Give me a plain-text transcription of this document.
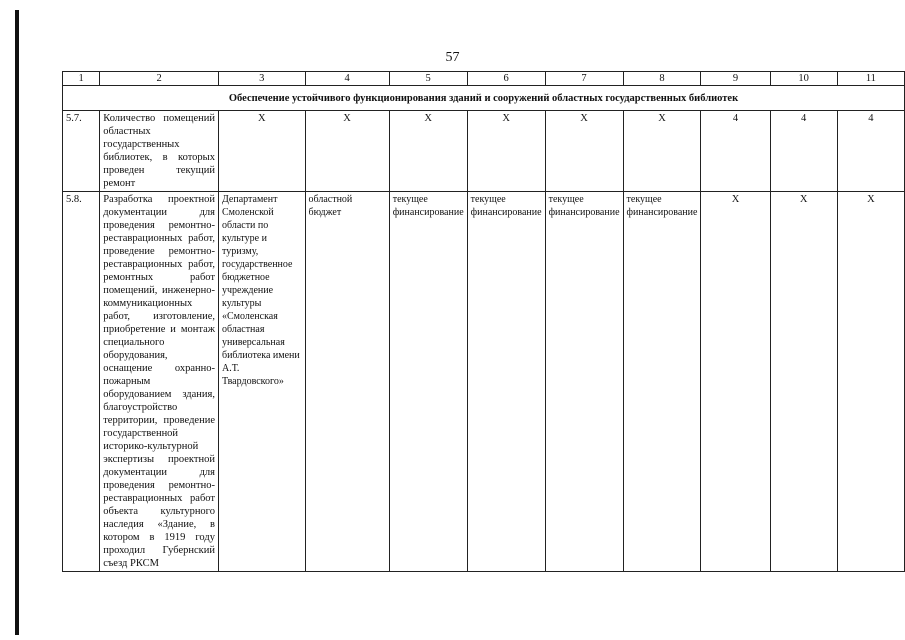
57
1	2	3	4	5	6	7	8	9	10	11
Обеспечение устойчивого функционирования зданий и сооружений областных государственных библиотек										
5.7.	Количество помещений областных государственных библиотек, в которых проведен текущий ремонт	X	X	X	X	X	X	4	4	4
5.8.	Разработка проектной документации для проведения ремонтно-реставрационных работ, проведение ремонтно-реставрационных работ, ремонтных работ помещений, инженерно-коммуникационных работ, изготовление, приобретение и монтаж специального оборудования, оснащение охранно-пожарным оборудованием здания, благоустройство территории, проведение государственной историко-культурной экспертизы проектной документации для проведения ремонтно-реставрационных работ объекта культурного наследия «Здание, в котором в 1919 году проходил Губернский съезд РКСМ	Департамент Смоленской области по культуре и туризму, государственное бюджетное учреждение культуры «Смоленская областная универсальная библиотека имени А.Т. Твардовского»	областной бюджет	текущее финансирование	текущее финансирование	текущее финансирование	текущее финансирование	X	X	X
